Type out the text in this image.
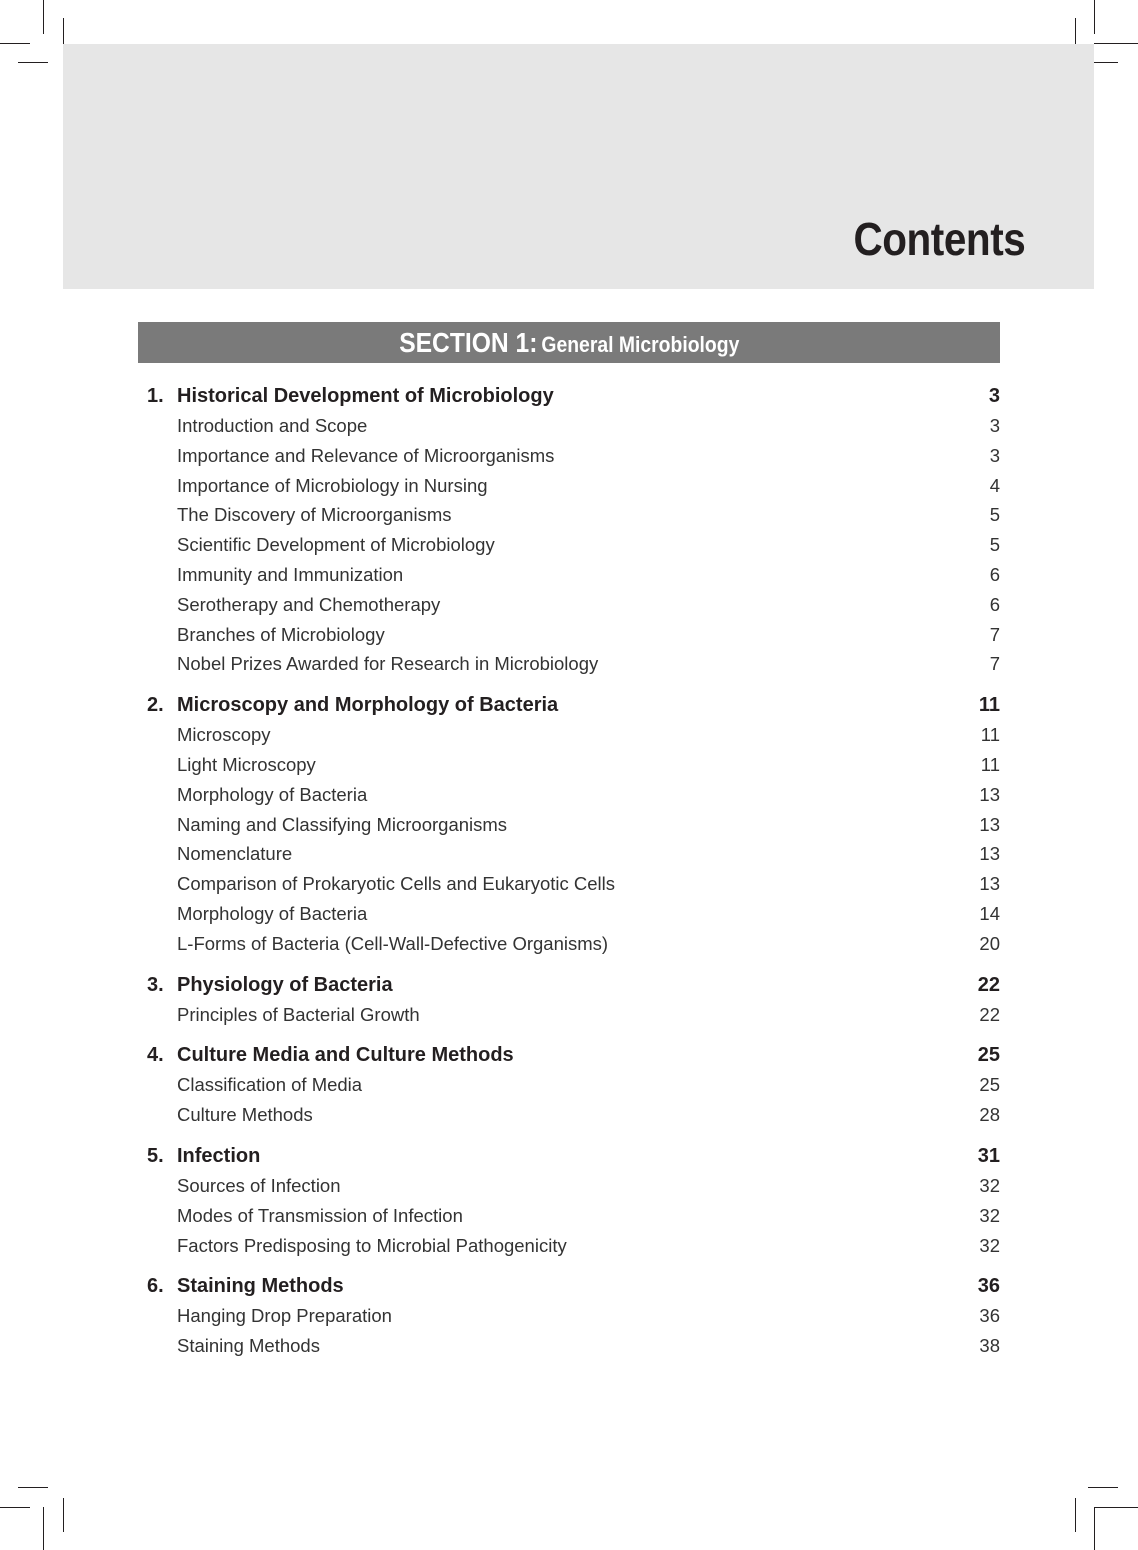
Contents
SECTION 1: General Microbiology
1. Historical Development of Microbiology	3
Introduction and Scope	3
Importance and Relevance of Microorganisms	3
Importance of Microbiology in Nursing	4
The Discovery of Microorganisms	5
Scientific Development of Microbiology	5
Immunity and Immunization	6
Serotherapy and Chemotherapy	6
Branches of Microbiology	7
Nobel Prizes Awarded for Research in Microbiology	7
2. Microscopy and Morphology of Bacteria	11
Microscopy	11
Light Microscopy	11
Morphology of Bacteria	13
Naming and Classifying Microorganisms	13
Nomenclature	13
Comparison of Prokaryotic Cells and Eukaryotic Cells	13
Morphology of Bacteria	14
L-Forms of Bacteria (Cell-Wall-Defective Organisms)	20
3. Physiology of Bacteria	22
Principles of Bacterial Growth	22
4. Culture Media and Culture Methods	25
Classification of Media	25
Culture Methods	28
5. Infection	31
Sources of Infection	32
Modes of Transmission of Infection	32
Factors Predisposing to Microbial Pathogenicity	32
6. Staining Methods	36
Hanging Drop Preparation	36
Staining Methods	38
